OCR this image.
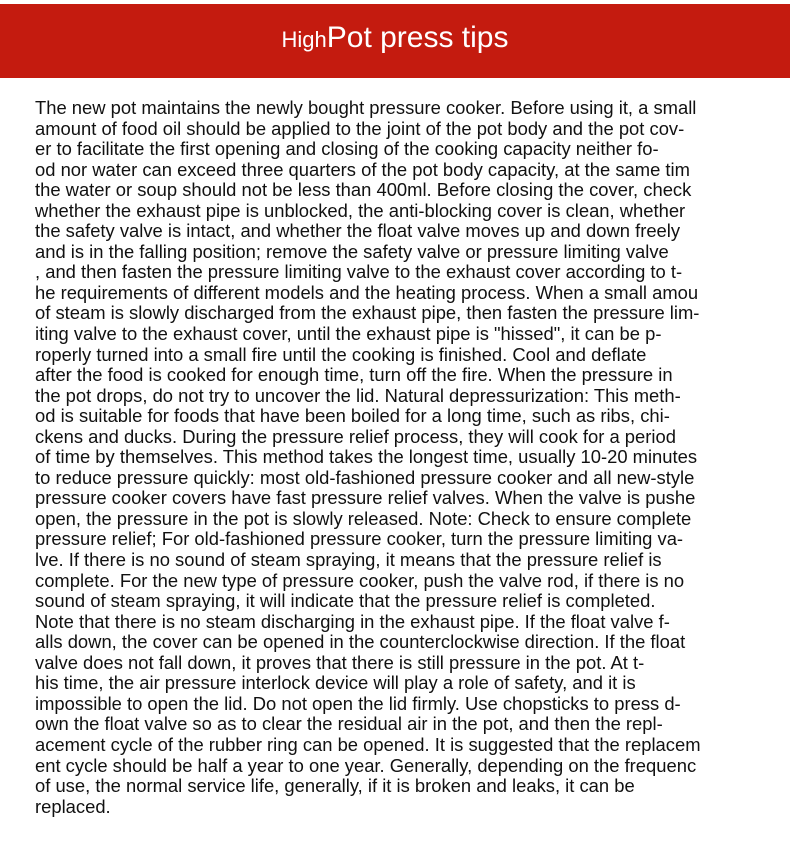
High Pot press tips
The new pot maintains the newly bought pressure cooker. Before using it, a small
amount of food oil should be applied to the joint of the pot body and the pot cov-
er to facilitate the first opening and closing of the cooking capacity neither fo-
od nor water can exceed three quarters of the pot body capacity, at the same tim
the water or soup should not be less than 400ml. Before closing the cover, check
whether the exhaust pipe is unblocked, the anti-blocking cover is clean, whether
the safety valve is intact, and whether the float valve moves up and down freely
and is in the falling position; remove the safety valve or pressure limiting valve
, and then fasten the pressure limiting valve to the exhaust cover according to t-
he requirements of different models and the heating process. When a small amou
of steam is slowly discharged from the exhaust pipe, then fasten the pressure lim-
iting valve to the exhaust cover, until the exhaust pipe is "hissed", it can be p-
roperly turned into a small fire until the cooking is finished. Cool and deflate
after the food is cooked for enough time, turn off the fire. When the pressure in
the pot drops, do not try to uncover the lid. Natural depressurization: This meth-
od is suitable for foods that have been boiled for a long time, such as ribs, chi-
ckens and ducks. During the pressure relief process, they will cook for a period
of time by themselves. This method takes the longest time, usually 10-20 minutes
to reduce pressure quickly: most old-fashioned pressure cooker and all new-style
pressure cooker covers have fast pressure relief valves. When the valve is pushe
open, the pressure in the pot is slowly released. Note: Check to ensure complete
pressure relief; For old-fashioned pressure cooker, turn the pressure limiting va-
lve. If there is no sound of steam spraying, it means that the pressure relief is
complete. For the new type of pressure cooker, push the valve rod, if there is no
sound of steam spraying, it will indicate that the pressure relief is completed.
Note that there is no steam discharging in the exhaust pipe. If the float valve f-
alls down, the cover can be opened in the counterclockwise direction. If the float
valve does not fall down, it proves that there is still pressure in the pot. At t-
his time, the air pressure interlock device will play a role of safety, and it is
impossible to open the lid. Do not open the lid firmly. Use chopsticks to press d-
own the float valve so as to clear the residual air in the pot, and then the repl-
acement cycle of the rubber ring can be opened. It is suggested that the replacem
ent cycle should be half a year to one year. Generally, depending on the frequenc
of use, the normal service life, generally, if it is broken and leaks, it can be
replaced.
